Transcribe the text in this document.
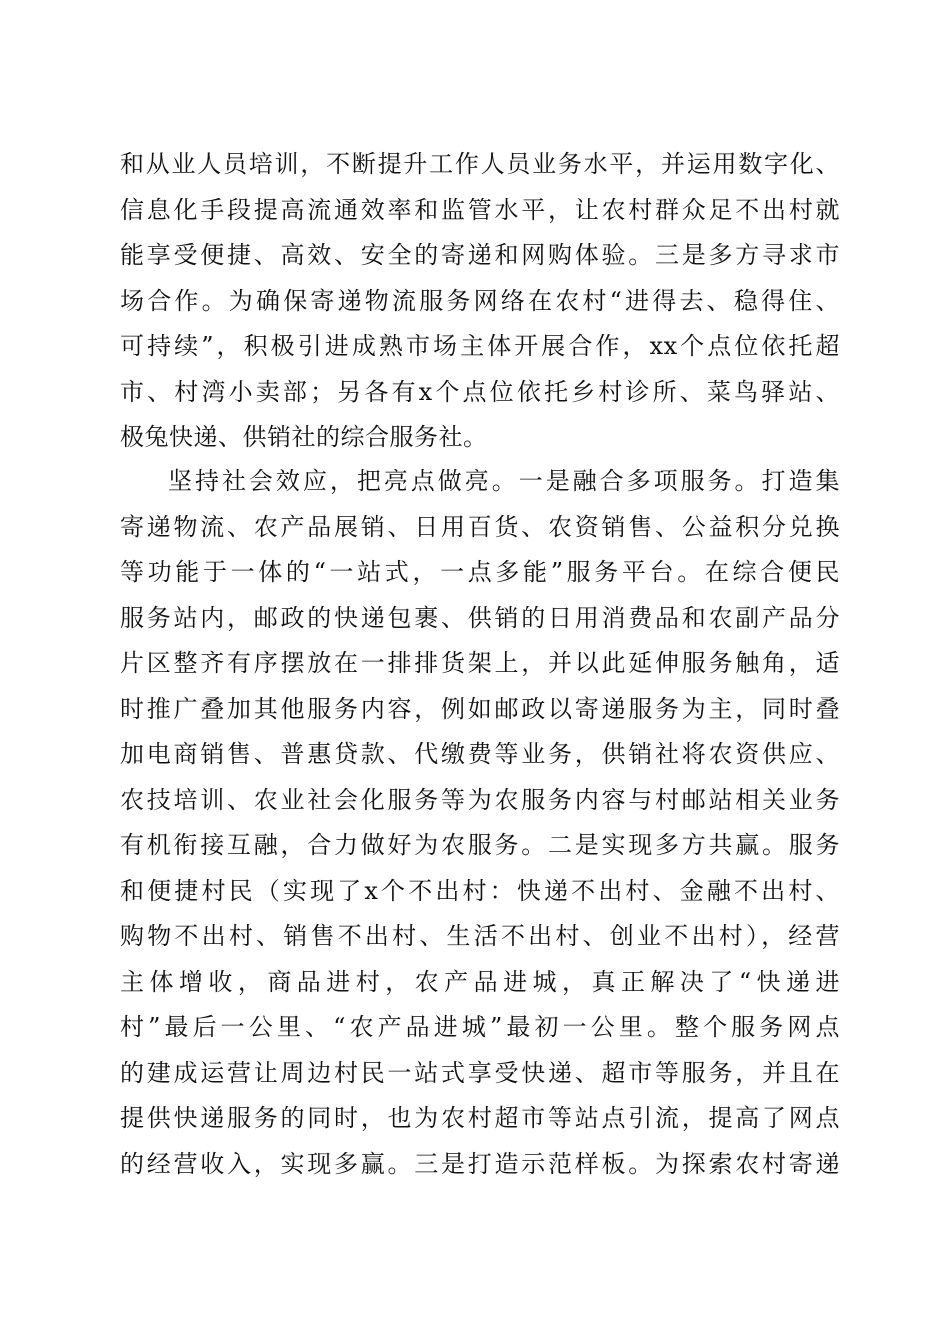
和从业人员培训，不断提升工作人员业务水平，并运用数字化、
信息化手段提高流通效率和监管水平，让农村群众足不出村就
能享受便捷、高效、安全的寄递和网购体验。三是多方寻求市
场合作。为确保寄递物流服务网络在农村“进得去、稳得住、
可持续”，积极引进成熟市场主体开展合作，xx个点位依托超
市、村湾小卖部；另各有x个点位依托乡村诊所、菜鸟驿站、
极兔快递、供销社的综合服务社。
坚持社会效应，把亮点做亮。一是融合多项服务。打造集
寄递物流、农产品展销、日用百货、农资销售、公益积分兑换
等功能于一体的“一站式，一点多能”服务平台。在综合便民
服务站内，邮政的快递包裹、供销的日用消费品和农副产品分
片区整齐有序摆放在一排排货架上，并以此延伸服务触角，适
时推广叠加其他服务内容，例如邮政以寄递服务为主，同时叠
加电商销售、普惠贷款、代缴费等业务，供销社将农资供应、
农技培训、农业社会化服务等为农服务内容与村邮站相关业务
有机衔接互融，合力做好为农服务。二是实现多方共赢。服务
和便捷村民（实现了x个不出村：快递不出村、金融不出村、
购物不出村、销售不出村、生活不出村、创业不出村），经营
主体增收，商品进村，农产品进城，真正解决了“快递进
村”最后一公里、“农产品进城”最初一公里。整个服务网点
的建成运营让周边村民一站式享受快递、超市等服务，并且在
提供快递服务的同时，也为农村超市等站点引流，提高了网点
的经营收入，实现多赢。三是打造示范样板。为探索农村寄递
